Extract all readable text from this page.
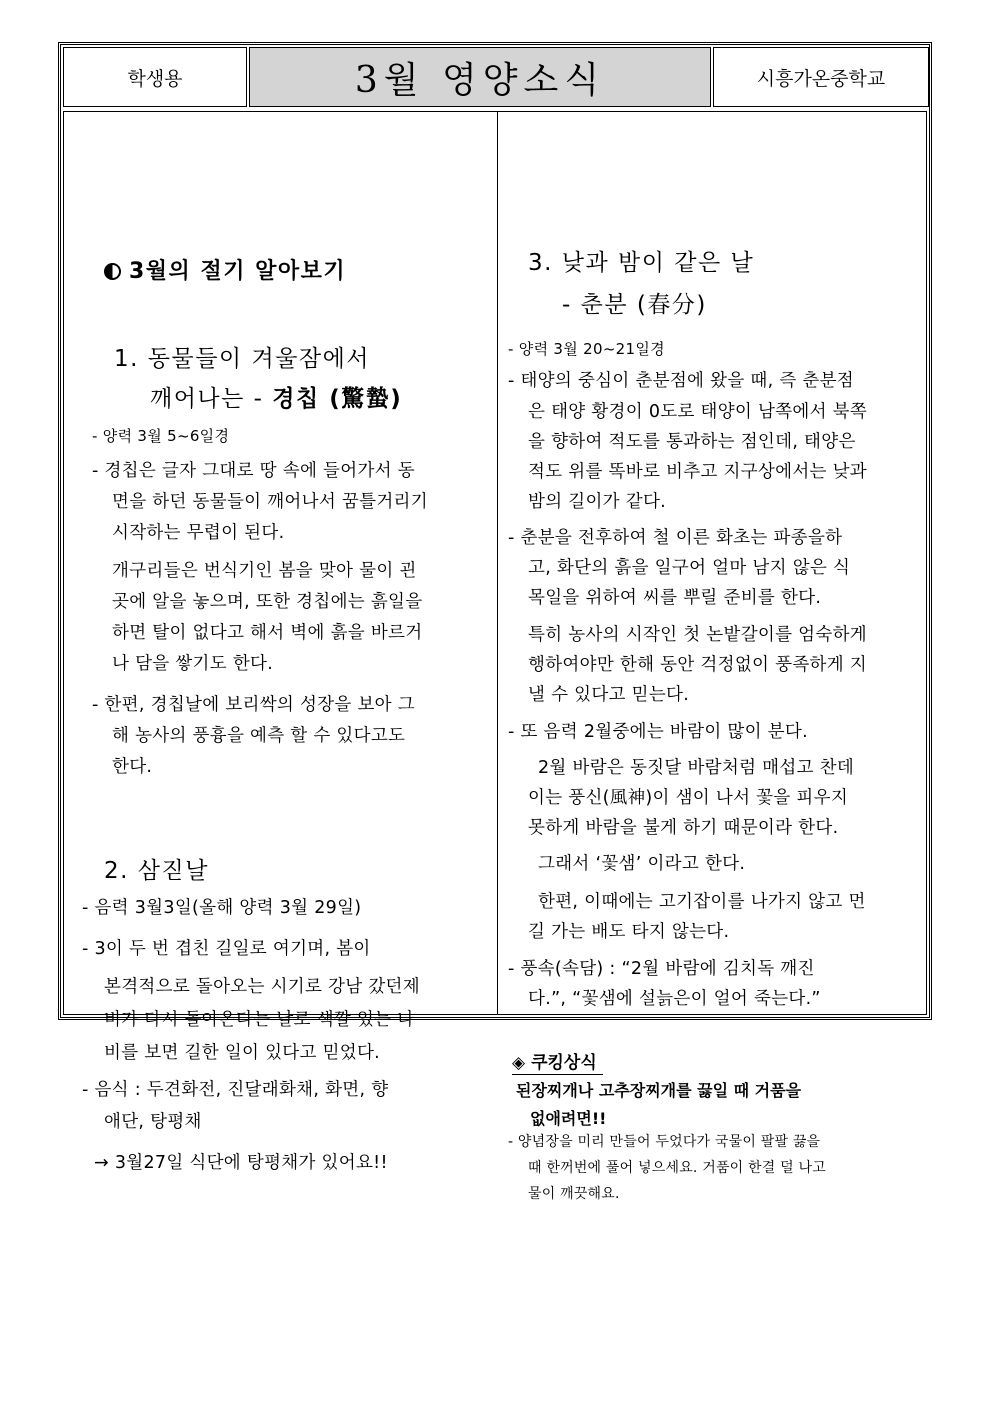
학생용	3월 영양소식	시흥가온중학교
3월의 절기 알아보기
1. 동물들이 겨울잠에서
깨어나는 - 경칩 (驚蟄)
- 양력 3월 5~6일경
- 경칩은 글자 그대로 땅 속에 들어가서 동
면을 하던 동물들이 깨어나서 꿈틀거리기
시작하는 무렵이 된다.
개구리들은 번식기인 봄을 맞아 물이 괸
곳에 알을 놓으며, 또한 경칩에는 흙일을
하면 탈이 없다고 해서 벽에 흙을 바르거
나 담을 쌓기도 한다.
- 한편, 경칩날에 보리싹의 성장을 보아 그
해 농사의 풍흉을 예측 할 수 있다고도
한다.
2. 삼짇날
- 음력 3월3일(올해 양력 3월 29일)
- 3이 두 번 겹친 길일로 여기며, 봄이
본격적으로 돌아오는 시기로 강남 갔던제
비가 다시 돌아온다는 날로 색깔 있는 나
비를 보면 길한 일이 있다고 믿었다.
- 음식 : 두견화전, 진달래화채, 화면, 향
애단, 탕평채
→ 3월27일 식단에 탕평채가 있어요!!
3. 낮과 밤이 같은 날
- 춘분 (春分)
- 양력 3월 20~21일경
- 태양의 중심이 춘분점에 왔을 때, 즉 춘분점
은 태양 황경이 0도로 태양이 남쪽에서 북쪽
을 향하여 적도를 통과하는 점인데, 태양은
적도 위를 똑바로 비추고 지구상에서는 낮과
밤의 길이가 같다.
- 춘분을 전후하여 철 이른 화초는 파종을하
고, 화단의 흙을 일구어 얼마 남지 않은 식
목일을 위하여 씨를 뿌릴 준비를 한다.
특히 농사의 시작인 첫 논밭갈이를 엄숙하게
행하여야만 한해 동안 걱정없이 풍족하게 지
낼 수 있다고 믿는다.
- 또 음력 2월중에는 바람이 많이 분다.
2월 바람은 동짓달 바람처럼 매섭고 찬데
이는 풍신(風神)이 샘이 나서 꽃을 피우지
못하게 바람을 불게 하기 때문이라 한다.
그래서 ‘꽃샘’ 이라고 한다.
한편, 이때에는 고기잡이를 나가지 않고 먼
길 가는 배도 타지 않는다.
- 풍속(속담) : “2월 바람에 김치독 깨진
다.”, “꽃샘에 설늙은이 얼어 죽는다.”
◈ 쿠킹상식
된장찌개나 고추장찌개를 끓일 때 거품을
없애려면!!
- 양념장을 미리 만들어 두었다가 국물이 팔팔 끓을
때 한꺼번에 풀어 넣으세요. 거품이 한결 덜 나고
물이 깨끗해요.
